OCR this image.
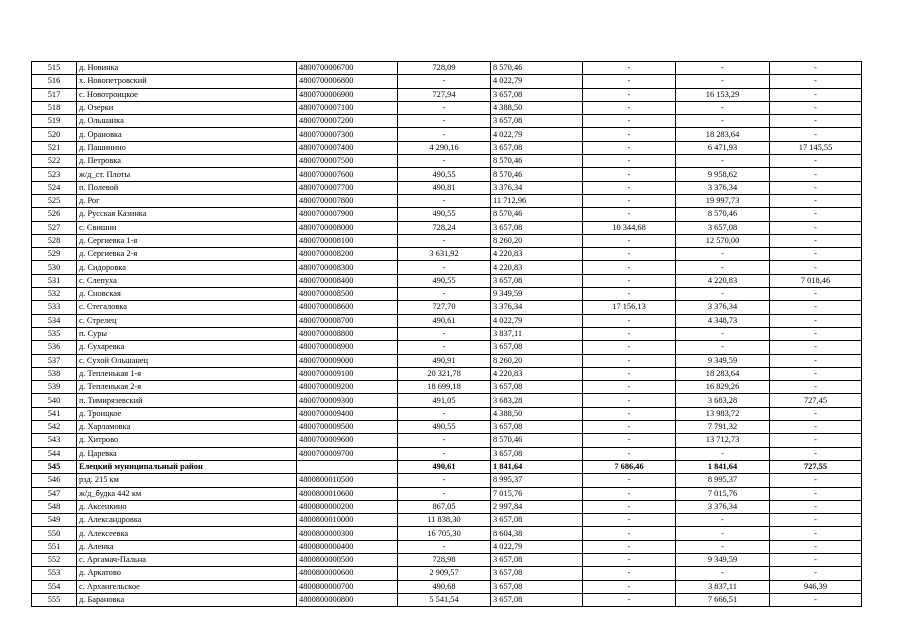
515	д. Новинка	4800700006700	728,09	8 570,46	-	-	-
516	х. Новопетровский	4800700006800	-	4 022,79	-	-	-
517	с. Новотроицкое	4800700006900	727,94	3 657,08	-	16 153,29	-
518	д. Озерки	4800700007100	-	4 388,50	-	-	-
519	д. Ольшанка	4800700007200	-	3 657,08	-	-	-
520	д. Орановка	4800700007300	-	4 022,79	-	18 283,64	-
521	д. Пашинино	4800700007400	4 290,16	3 657,08	-	6 471,93	17 145,55
522	д. Петровка	4800700007500	-	8 570,46	-	-	-
523	ж/д_ст. Плоты	4800700007600	490,55	8 570,46	-	9 958,62	-
524	п. Полевой	4800700007700	490,81	3 376,34	-	3 376,34	-
525	д. Рог	4800700007800	-	11 712,96	-	19 997,73	-
526	д. Русская Казинка	4800700007900	490,55	8 570,46	-	8 570,46	-
527	с. Свишни	4800700008000	728,24	3 657,08	10 344,68	3 657,08	-
528	д. Сергиевка 1-я	4800700008100	-	8 260,20	-	12 570,00	-
529	д. Сергиевка 2-я	4800700008200	3 631,92	4 220,83	-	-	-
530	д. Сидоровка	4800700008300	-	4 220,83	-	-	-
531	с. Слепуха	4800700008400	490,55	3 657,08	-	4 220,83	7 018,46
532	д. Сновская	4800700008500	-	9 349,59	-	-	-
533	с. Стегаловка	4800700008600	727,70	3 376,34	17 156,13	3 376,34	-
534	с. Стрелец	4800700008700	490,61	4 022,79	-	4 348,73	-
535	п. Суры	4800700008800	-	3 837,11	-	-	-
536	д. Сухаревка	4800700008900	-	3 657,08	-	-	-
537	с. Сухой Ольшанец	4800700009000	490,91	8 260,20	-	9 349,59	-
538	д. Тепленькая 1-я	4800700009100	20 321,78	4 220,83	-	18 283,64	-
539	д. Тепленькая 2-я	4800700009200	18 699,18	3 657,08	-	16 829,26	-
540	п. Тимирязевский	4800700009300	491,05	3 683,28	-	3 683,28	727,45
541	д. Троицкое	4800700009400	-	4 388,50	-	13 983,72	-
542	д. Харламовка	4800700009500	490,55	3 657,08	-	7 791,32	-
543	д. Хитрово	4800700009600	-	8 570,46	-	13 712,73	-
544	д. Царевка	4800700009700	-	3 657,08	-	-	-
545	Елецкий муниципальный район		490,61	1 841,64	7 686,46	1 841,64	727,55
546	рзд. 215 км	4800800010500	-	8 995,37	-	8 995,37	-
547	ж/д_будка 442 км	4800800010600	-	7 015,76	-	7 015,76	-
548	д. Аксенкино	4800800000200	867,05	2 997,84	-	3 376,34	-
549	д. Александровка	4800800010000	11 838,30	3 657,08	-	-	-
550	д. Алексеевка	4800800000300	16 705,30	8 604,38	-	-	-
551	д. Аленка	4800800000400	-	4 022,79	-	-	-
552	с. Аргамач-Пальна	4800800000500	728,98	3 657,08	-	9 349,59	-
553	д. Аркатово	4800800000600	2 909,57	3 657,08	-	-	-
554	с. Архангельское	4800800000700	490,68	3 657,08	-	3 837,11	946,39
555	д. Барановка	4800800000800	5 541,54	3 657,08	-	7 666,51	-
